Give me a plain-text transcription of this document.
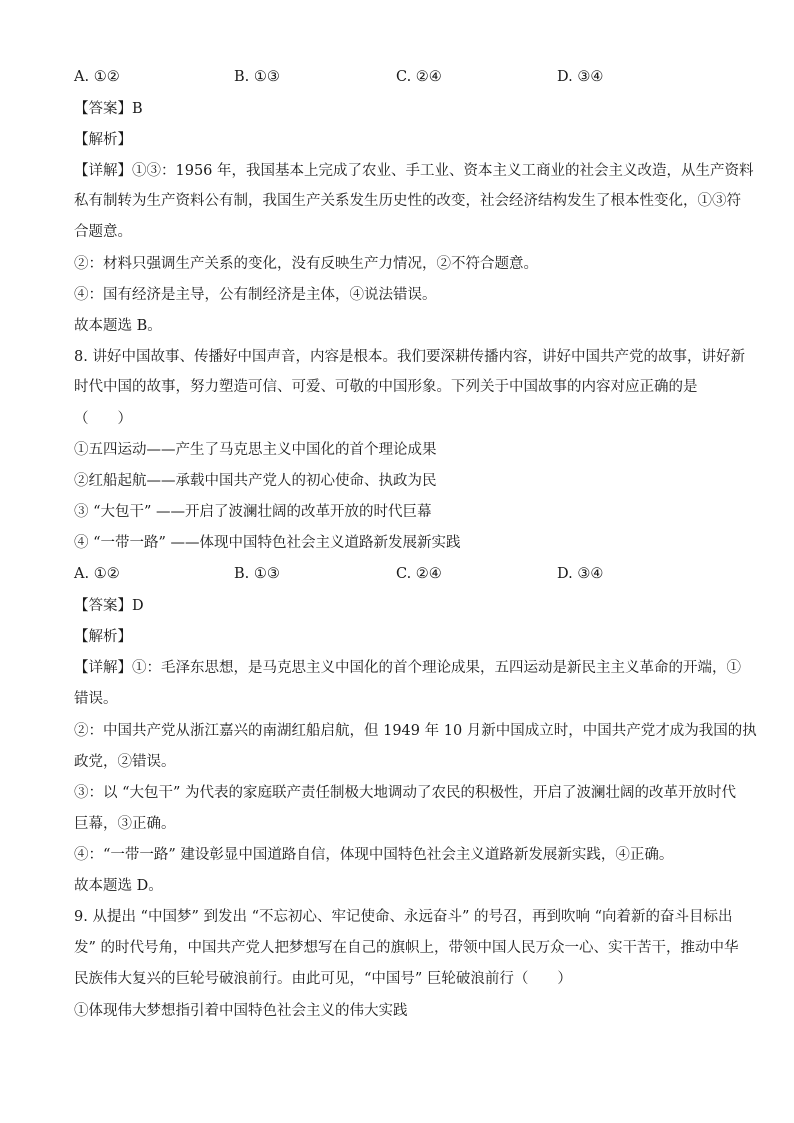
A. ①②	B. ①③	C. ②④	D. ③④
【答案】B
【解析】
【详解】①③：1956 年，我国基本上完成了农业、手工业、资本主义工商业的社会主义改造，从生产资料
私有制转为生产资料公有制，我国生产关系发生历史性的改变，社会经济结构发生了根本性变化，①③符
合题意。
②：材料只强调生产关系的变化，没有反映生产力情况，②不符合题意。
④：国有经济是主导，公有制经济是主体，④说法错误。
故本题选 B。
8. 讲好中国故事、传播好中国声音，内容是根本。我们要深耕传播内容，讲好中国共产党的故事，讲好新
时代中国的故事，努力塑造可信、可爱、可敬的中国形象。下列关于中国故事的内容对应正确的是
（　　）
①五四运动——产生了马克思主义中国化的首个理论成果
②红船起航——承载中国共产党人的初心使命、执政为民
③ “大包干” ——开启了波澜壮阔的改革开放的时代巨幕
④ “一带一路” ——体现中国特色社会主义道路新发展新实践
A. ①②	B. ①③	C. ②④	D. ③④
【答案】D
【解析】
【详解】①：毛泽东思想，是马克思主义中国化的首个理论成果，五四运动是新民主主义革命的开端，①
错误。
②：中国共产党从浙江嘉兴的南湖红船启航，但 1949 年 10 月新中国成立时，中国共产党才成为我国的执
政党，②错误。
③：以 “大包干” 为代表的家庭联产责任制极大地调动了农民的积极性，开启了波澜壮阔的改革开放时代
巨幕，③正确。
④：“一带一路” 建设彰显中国道路自信，体现中国特色社会主义道路新发展新实践，④正确。
故本题选 D。
9. 从提出 “中国梦” 到发出 “不忘初心、牢记使命、永远奋斗” 的号召，再到吹响 “向着新的奋斗目标出
发” 的时代号角，中国共产党人把梦想写在自己的旗帜上，带领中国人民万众一心、实干苦干，推动中华
民族伟大复兴的巨轮号破浪前行。由此可见，“中国号” 巨轮破浪前行（　　）
①体现伟大梦想指引着中国特色社会主义的伟大实践
